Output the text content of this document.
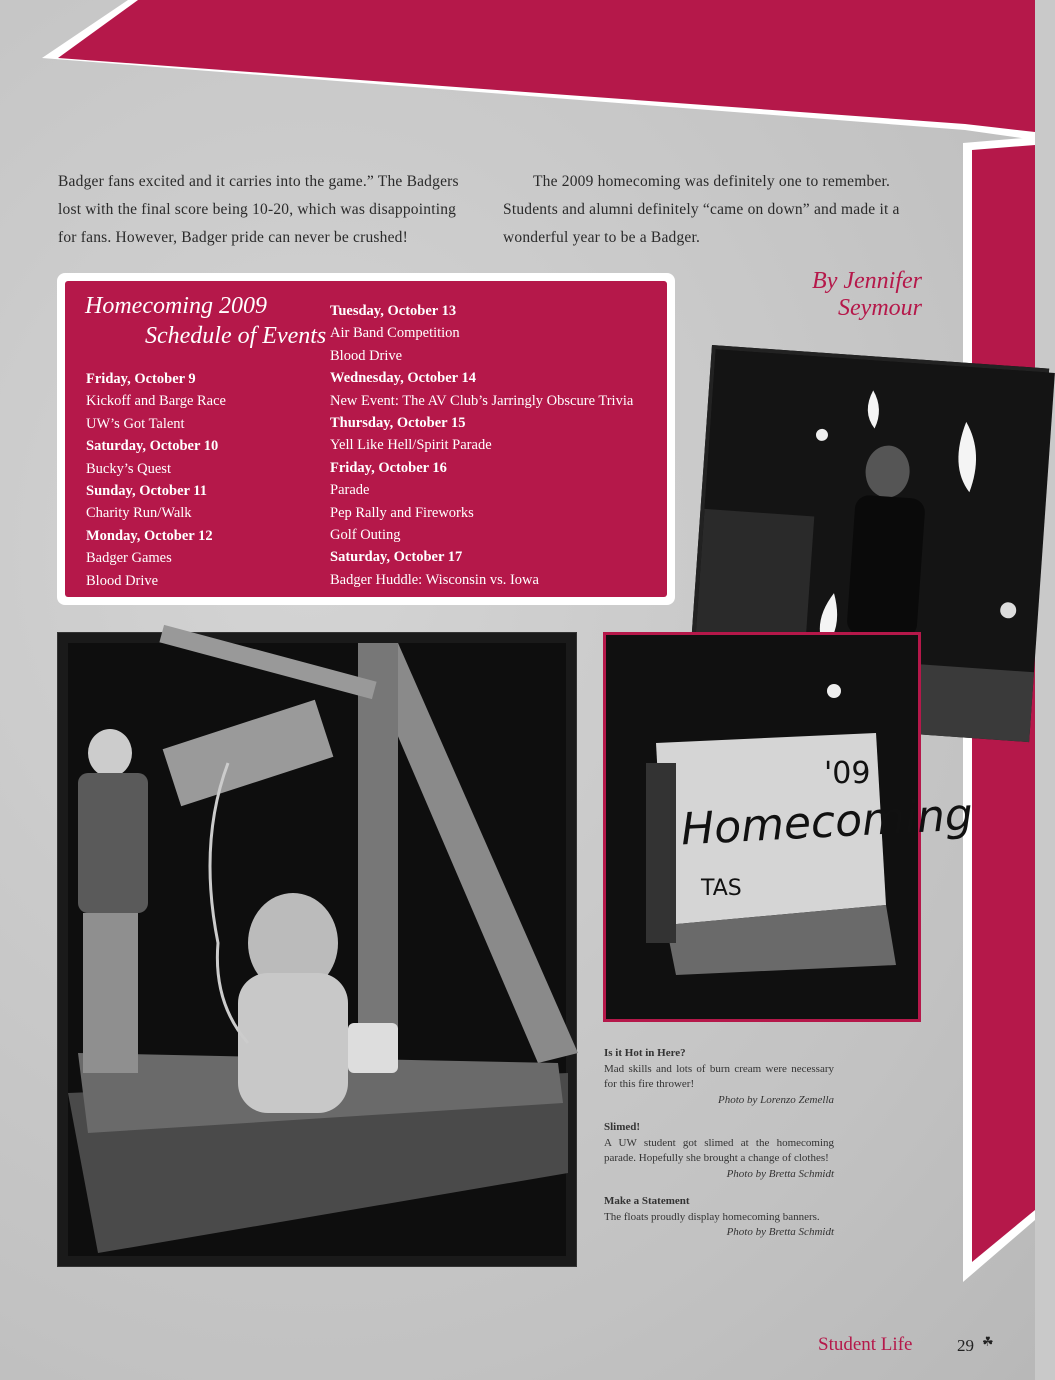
Badger fans excited and it carries into the game.” The Badgers lost with the final score being 10-20, which was disappointing for fans. However, Badger pride can never be crushed!
The 2009 homecoming was definitely one to remember. Students and alumni definitely “came on down” and made it a wonderful year to be a Badger.
By Jennifer Seymour
Homecoming 2009
Schedule of Events
Friday, October 9
Kickoff and Barge Race
UW’s Got Talent
Saturday, October 10
Bucky’s Quest
Sunday, October 11
Charity Run/Walk
Monday, October 12
Badger Games
Blood Drive
Tuesday, October 13
Air Band Competition
Blood Drive
Wednesday, October 14
New Event: The AV Club’s Jarringly Obscure Trivia
Thursday, October 15
Yell Like Hell/Spirit Parade
Friday, October 16
Parade
Pep Rally and Fireworks
Golf Outing
Saturday, October 17
Badger Huddle: Wisconsin vs. Iowa
Homecoming
'09
TAS
Is it Hot in Here?
Mad skills and lots of burn cream were necessary for this fire thrower!
Photo by Lorenzo Zemella
Slimed!
A UW student got slimed at the homecoming parade. Hopefully she brought a change of clothes!
Photo by Bretta Schmidt
Make a Statement
The floats proudly display homecoming banners.
Photo by Bretta Schmidt
Student Life	29 ☘
